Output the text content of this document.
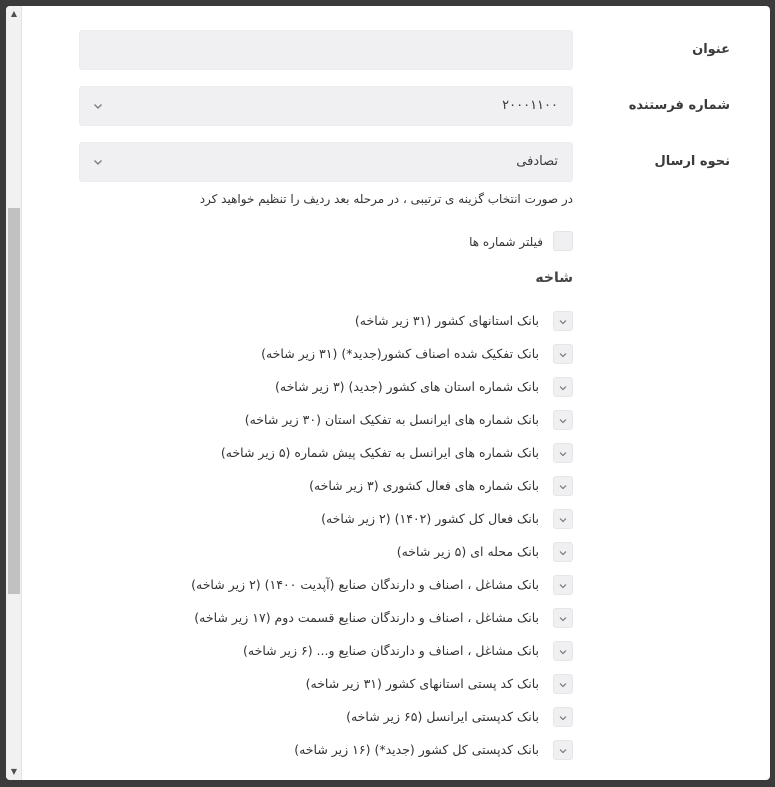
▲
▼
عنوان
شماره فرستنده
۲۰۰۰۱۱۰۰
نحوه ارسال
تصادفی
در صورت انتخاب گزینه ی ترتیبی ، در مرحله بعد ردیف را تنظیم خواهید کرد
فیلتر شماره ها
شاخه
بانک استانهای کشور (۳۱ زیر شاخه)
بانک تفکیک شده اصناف کشور(جدید*) (۳۱ زیر شاخه)
بانک شماره استان های کشور (جدید) (۳ زیر شاخه)
بانک شماره های ایرانسل به تفکیک استان (۳۰ زیر شاخه)
بانک شماره های ایرانسل به تفکیک پیش شماره (۵ زیر شاخه)
بانک شماره های فعال کشوری (۳ زیر شاخه)
بانک فعال کل کشور (۱۴۰۲) (۲ زیر شاخه)
بانک محله ای (۵ زیر شاخه)
بانک مشاغل ، اصناف و دارندگان صنایع (آپدیت ۱۴۰۰) (۲ زیر شاخه)
بانک مشاغل ، اصناف و دارندگان صنایع قسمت دوم (۱۷ زیر شاخه)
بانک مشاغل ، اصناف و دارندگان صنایع و... (۶ زیر شاخه)
بانک کد پستی استانهای کشور (۳۱ زیر شاخه)
بانک کدپستی ایرانسل (۶۵ زیر شاخه)
بانک کدپستی کل کشور (جدید*) (۱۶ زیر شاخه)
